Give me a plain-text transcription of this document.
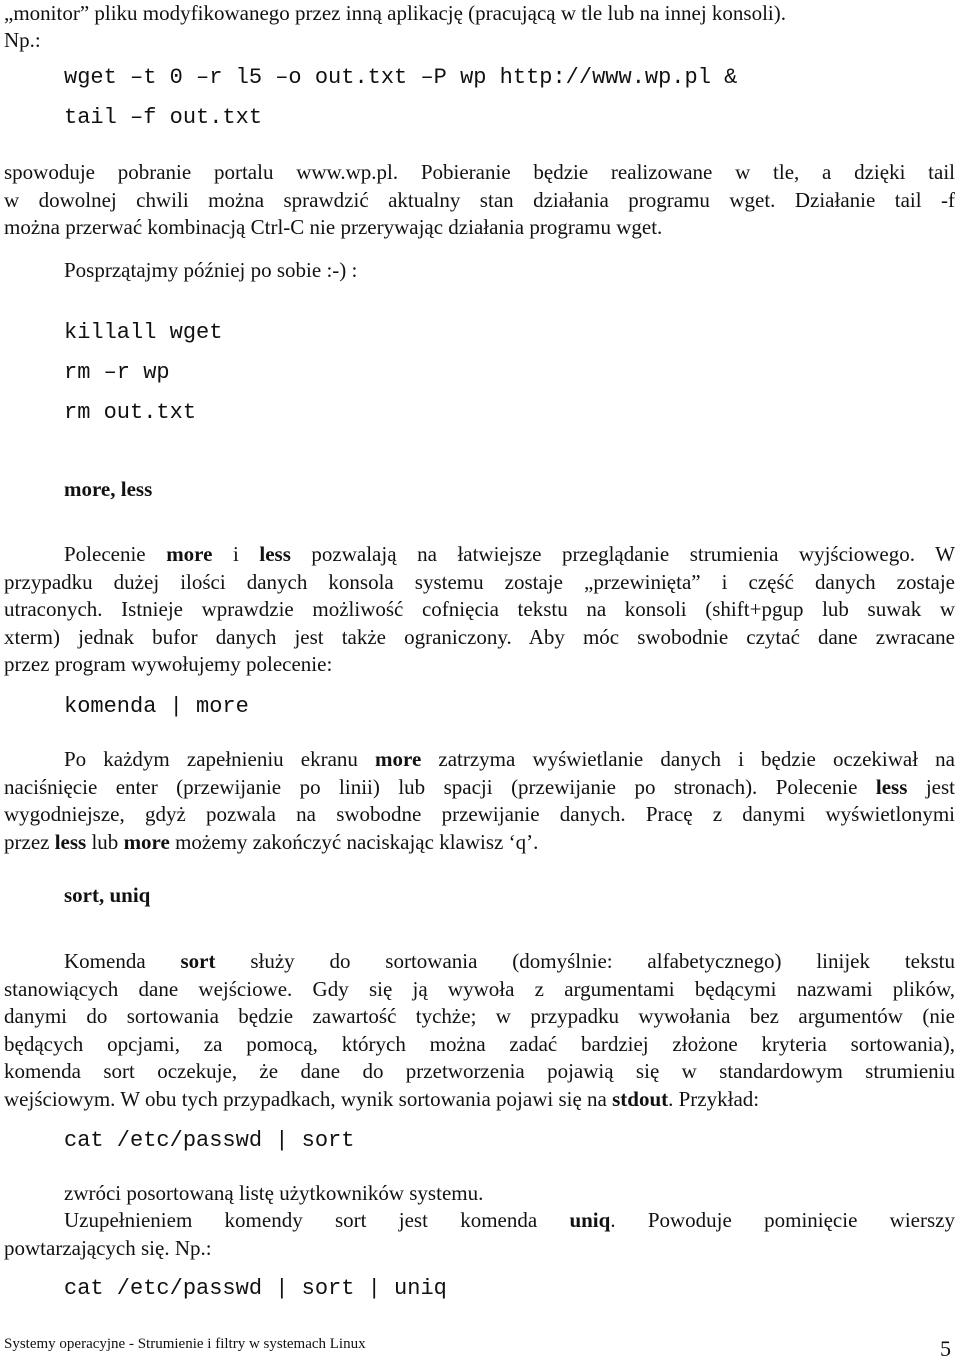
„monitor” pliku modyfikowanego przez inną aplikację (pracującą w tle lub na innej konsoli).
Np.:
wget –t 0 –r l5 –o out.txt –P wp http://www.wp.pl &
tail –f out.txt
spowoduje pobranie portalu www.wp.pl. Pobieranie będzie realizowane w tle, a dzięki tail
w dowolnej chwili można sprawdzić aktualny stan działania programu wget. Działanie tail -f
można przerwać kombinacją Ctrl-C nie przerywając działania programu wget.
Posprzątajmy później po sobie :-) :
killall wget
rm –r wp
rm out.txt
more, less
Polecenie more i less pozwalają na łatwiejsze przeglądanie strumienia wyjściowego. W
przypadku dużej ilości danych konsola systemu zostaje „przewinięta” i część danych zostaje
utraconych. Istnieje wprawdzie możliwość cofnięcia tekstu na konsoli (shift+pgup lub suwak w
xterm) jednak bufor danych jest także ograniczony. Aby móc swobodnie czytać dane zwracane
przez program wywołujemy polecenie:
komenda | more
Po każdym zapełnieniu ekranu more zatrzyma wyświetlanie danych i będzie oczekiwał na
naciśnięcie enter (przewijanie po linii) lub spacji (przewijanie po stronach). Polecenie less jest
wygodniejsze, gdyż pozwala na swobodne przewijanie danych. Pracę z danymi wyświetlonymi
przez less lub more możemy zakończyć naciskając klawisz ‘q’.
sort, uniq
Komenda sort służy do sortowania (domyślnie: alfabetycznego) linijek tekstu
stanowiących dane wejściowe. Gdy się ją wywoła z argumentami będącymi nazwami plików,
danymi do sortowania będzie zawartość tychże; w przypadku wywołania bez argumentów (nie
będących opcjami, za pomocą, których można zadać bardziej złożone kryteria sortowania),
komenda sort oczekuje, że dane do przetworzenia pojawią się w standardowym strumieniu
wejściowym. W obu tych przypadkach, wynik sortowania pojawi się na stdout. Przykład:
cat /etc/passwd | sort
zwróci posortowaną listę użytkowników systemu.
Uzupełnieniem komendy sort jest komenda uniq. Powoduje pominięcie wierszy
powtarzających się. Np.:
cat /etc/passwd | sort | uniq
Systemy operacyjne - Strumienie i filtry w systemach Linux	5
